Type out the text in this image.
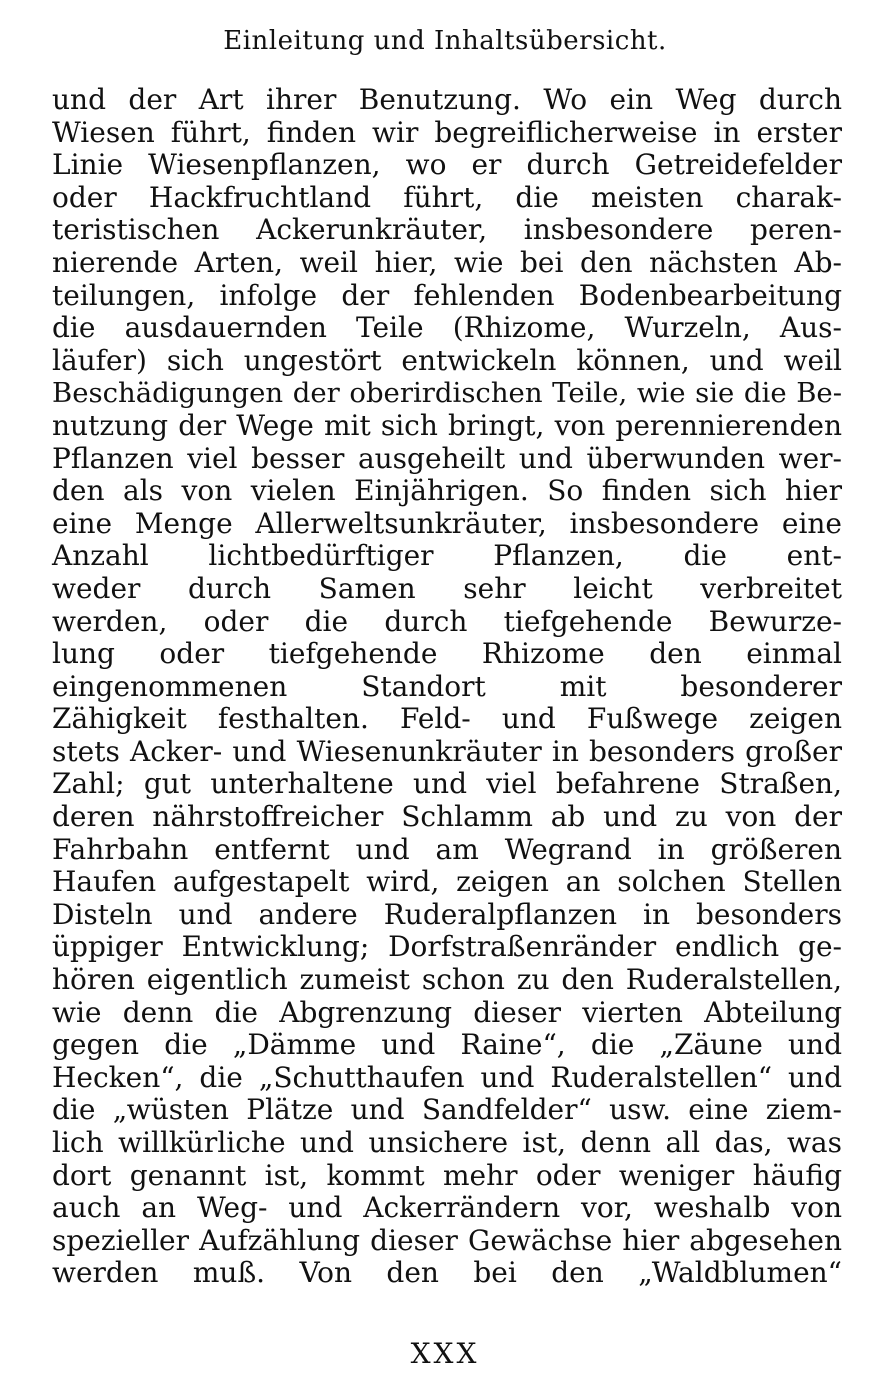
Einleitung und Inhaltsübersicht.
und der Art ihrer Benutzung. Wo ein Weg durch
Wiesen führt, finden wir begreiflicherweise in erster
Linie Wiesenpflanzen, wo er durch Getreidefelder
oder Hackfruchtland führt, die meisten charak-
teristischen Ackerunkräuter, insbesondere peren-
nierende Arten, weil hier, wie bei den nächsten Ab-
teilungen, infolge der fehlenden Bodenbearbeitung
die ausdauernden Teile (Rhizome, Wurzeln, Aus-
läufer) sich ungestört entwickeln können, und weil
Beschädigungen der oberirdischen Teile, wie sie die Be-
nutzung der Wege mit sich bringt, von perennierenden
Pflanzen viel besser ausgeheilt und überwunden wer-
den als von vielen Einjährigen. So finden sich hier
eine Menge Allerweltsunkräuter, insbesondere eine
Anzahl lichtbedürftiger Pflanzen, die ent-
weder durch Samen sehr leicht verbreitet
werden, oder die durch tiefgehende Bewurze-
lung oder tiefgehende Rhizome den einmal
eingenommenen Standort mit besonderer
Zähigkeit festhalten. Feld- und Fußwege zeigen
stets Acker- und Wiesenunkräuter in besonders großer
Zahl; gut unterhaltene und viel befahrene Straßen,
deren nährstoffreicher Schlamm ab und zu von der
Fahrbahn entfernt und am Wegrand in größeren
Haufen aufgestapelt wird, zeigen an solchen Stellen
Disteln und andere Ruderalpflanzen in besonders
üppiger Entwicklung; Dorfstraßenränder endlich ge-
hören eigentlich zumeist schon zu den Ruderalstellen,
wie denn die Abgrenzung dieser vierten Abteilung
gegen die „Dämme und Raine“, die „Zäune und
Hecken“, die „Schutthaufen und Ruderalstellen“ und
die „wüsten Plätze und Sandfelder“ usw. eine ziem-
lich willkürliche und unsichere ist, denn all das, was
dort genannt ist, kommt mehr oder weniger häufig
auch an Weg- und Ackerrändern vor, weshalb von
spezieller Aufzählung dieser Gewächse hier abgesehen
werden muß. Von den bei den „Waldblumen“
XXX
